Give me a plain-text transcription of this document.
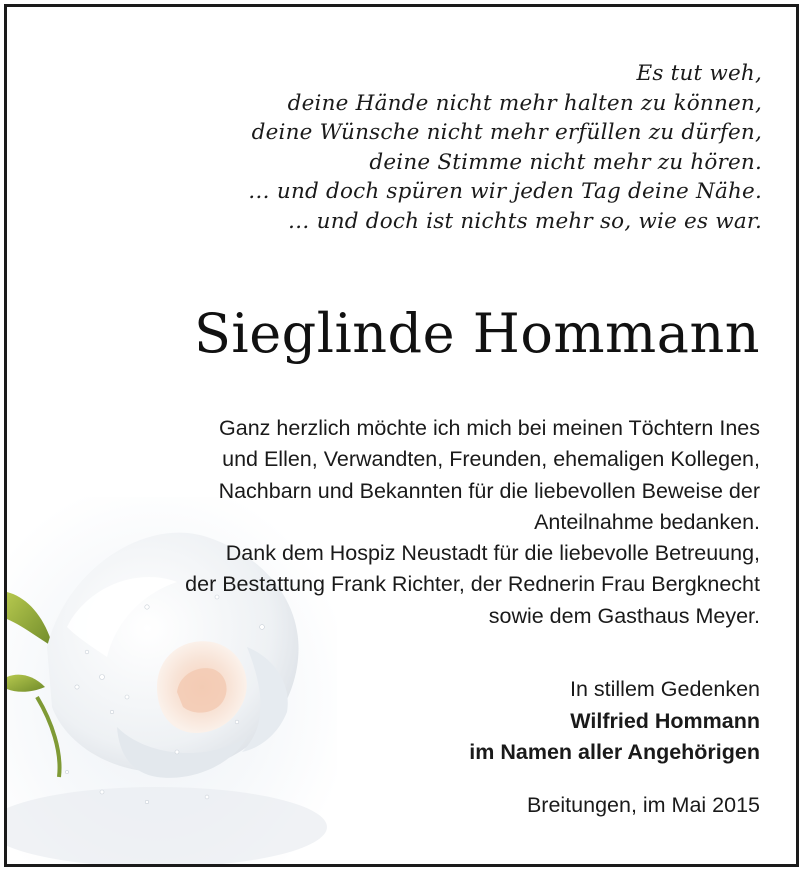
Es tut weh,
deine Hände nicht mehr halten zu können,
deine Wünsche nicht mehr erfüllen zu dürfen,
deine Stimme nicht mehr zu hören.
… und doch spüren wir jeden Tag deine Nähe.
… und doch ist nichts mehr so, wie es war.
Sieglinde Hommann
Ganz herzlich möchte ich mich bei meinen Töchtern Ines
und Ellen, Verwandten, Freunden, ehemaligen Kollegen,
Nachbarn und Bekannten für die liebevollen Beweise der
Anteilnahme bedanken.
Dank dem Hospiz Neustadt für die liebevolle Betreuung,
der Bestattung Frank Richter, der Rednerin Frau Bergknecht
sowie dem Gasthaus Meyer.
In stillem Gedenken
Wilfried Hommann
im Namen aller Angehörigen
Breitungen, im Mai 2015
